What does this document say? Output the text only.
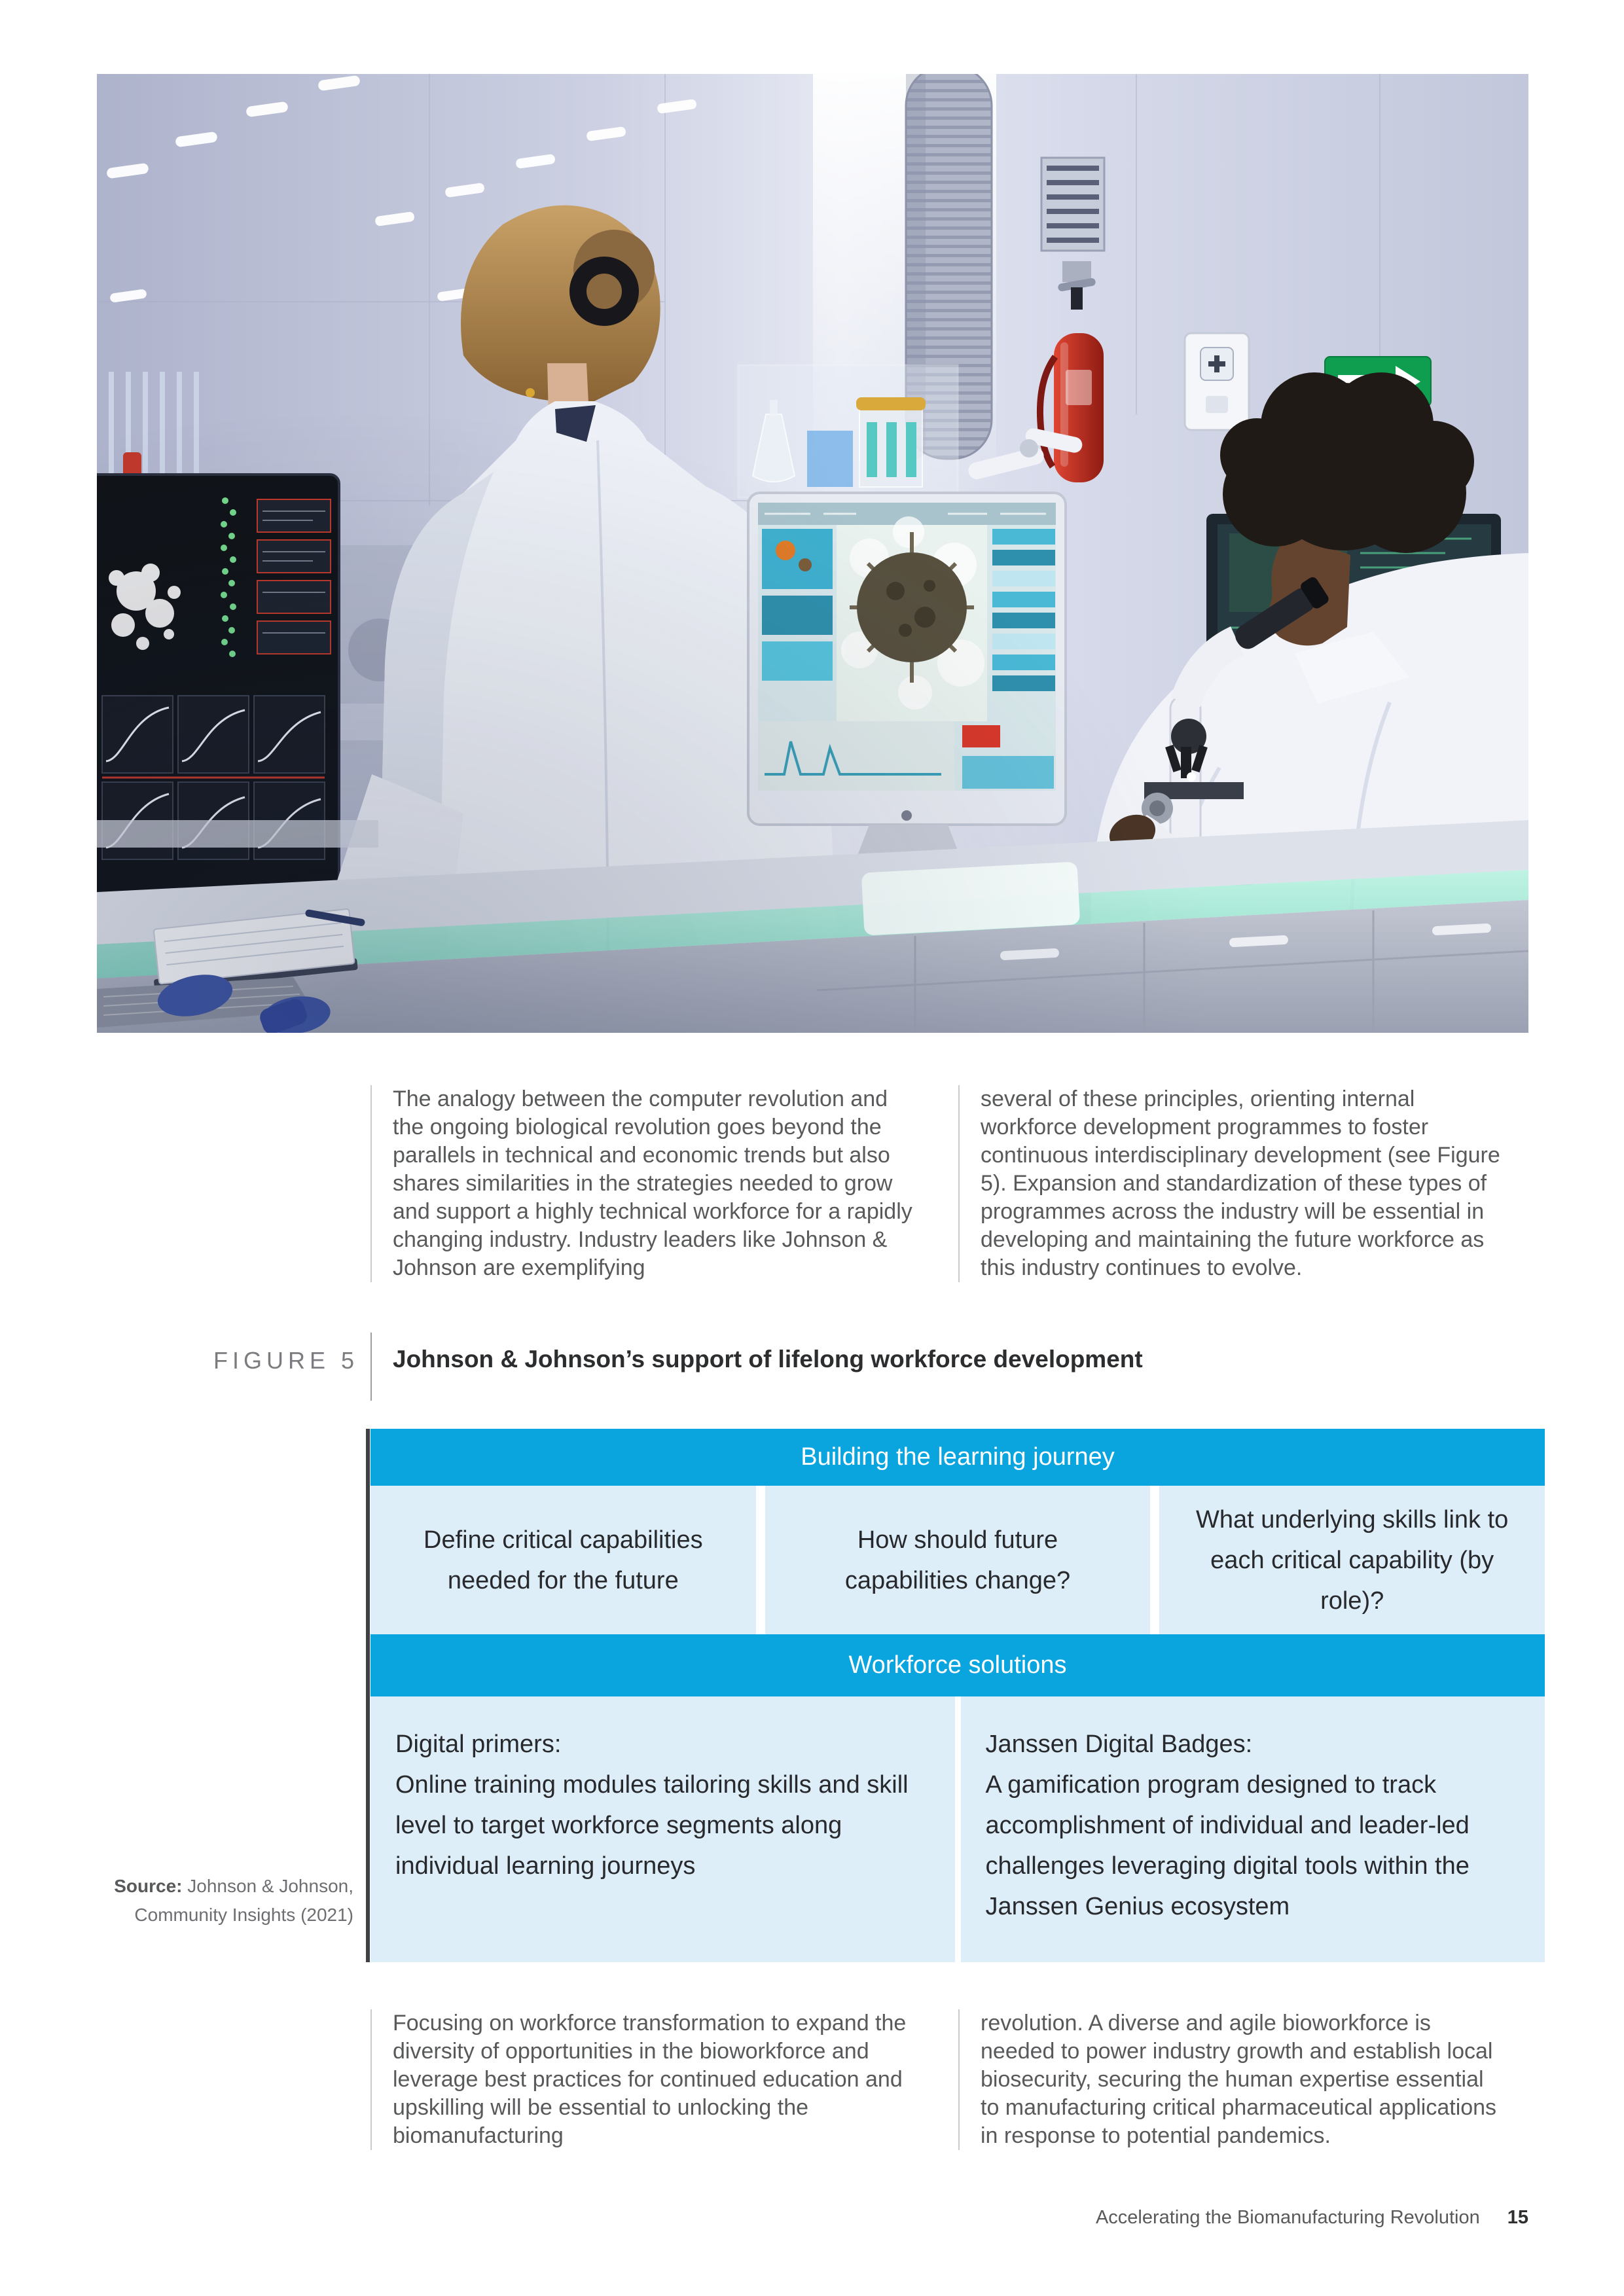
The analogy between the computer revolution and the ongoing biological revolution goes beyond the parallels in technical and economic trends but also shares similarities in the strategies needed to grow and support a highly technical workforce for a rapidly changing industry. Industry leaders like Johnson & Johnson are exemplifying
several of these principles, orienting internal workforce development programmes to foster continuous interdisciplinary development (see Figure 5). Expansion and standardization of these types of programmes across the industry will be essential in developing and maintaining the future workforce as this industry continues to evolve.
FIGURE 5 Johnson & Johnson’s support of lifelong workforce development
Building the learning journey
Define critical capabilities needed for the future
How should future capabilities change?
What underlying skills link to each critical capability (by role)?
Workforce solutions
Digital primers:
Online training modules tailoring skills and skill level to target workforce segments along individual learning journeys
Janssen Digital Badges:
A gamification program designed to track accomplishment of individual and leader-led challenges leveraging digital tools within the Janssen Genius ecosystem
Source: Johnson & Johnson, Community Insights (2021)
Focusing on workforce transformation to expand the diversity of opportunities in the bioworkforce and leverage best practices for continued education and upskilling will be essential to unlocking the biomanufacturing
revolution. A diverse and agile bioworkforce is needed to power industry growth and establish local biosecurity, securing the human expertise essential to manufacturing critical pharmaceutical applications in response to potential pandemics.
Accelerating the Biomanufacturing Revolution 15
